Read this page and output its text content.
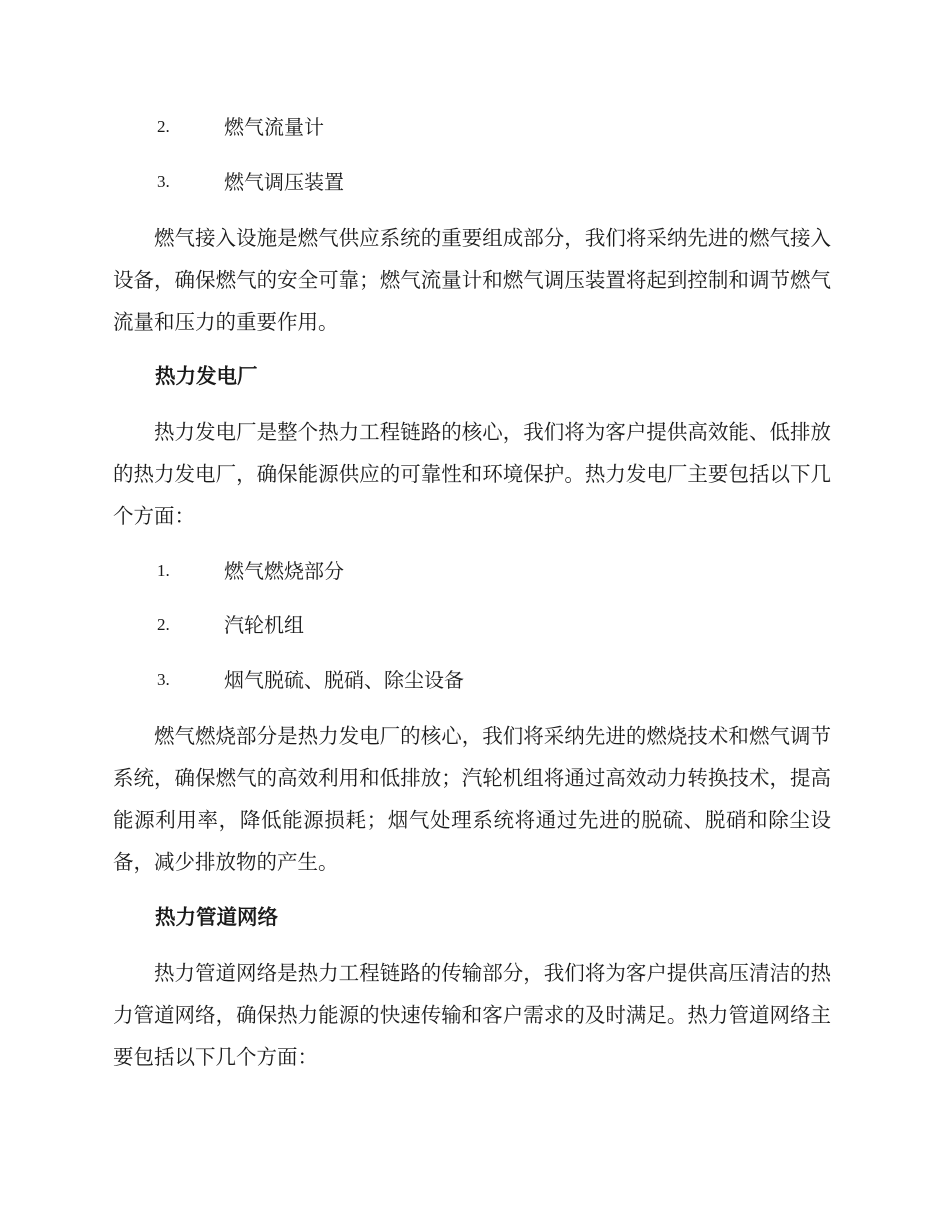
2.	燃气流量计
3.	燃气调压装置

燃气接入设施是燃气供应系统的重要组成部分，我们将采纳先进的燃气接入设备，确保燃气的安全可靠；燃气流量计和燃气调压装置将起到控制和调节燃气流量和压力的重要作用。

热力发电厂

热力发电厂是整个热力工程链路的核心，我们将为客户提供高效能、低排放的热力发电厂，确保能源供应的可靠性和环境保护。热力发电厂主要包括以下几个方面：

1.	燃气燃烧部分
2.	汽轮机组
3.	烟气脱硫、脱硝、除尘设备

燃气燃烧部分是热力发电厂的核心，我们将采纳先进的燃烧技术和燃气调节系统，确保燃气的高效利用和低排放；汽轮机组将通过高效动力转换技术，提高能源利用率，降低能源损耗；烟气处理系统将通过先进的脱硫、脱硝和除尘设备，减少排放物的产生。

热力管道网络

热力管道网络是热力工程链路的传输部分，我们将为客户提供高压清洁的热力管道网络，确保热力能源的快速传输和客户需求的及时满足。热力管道网络主要包括以下几个方面：
